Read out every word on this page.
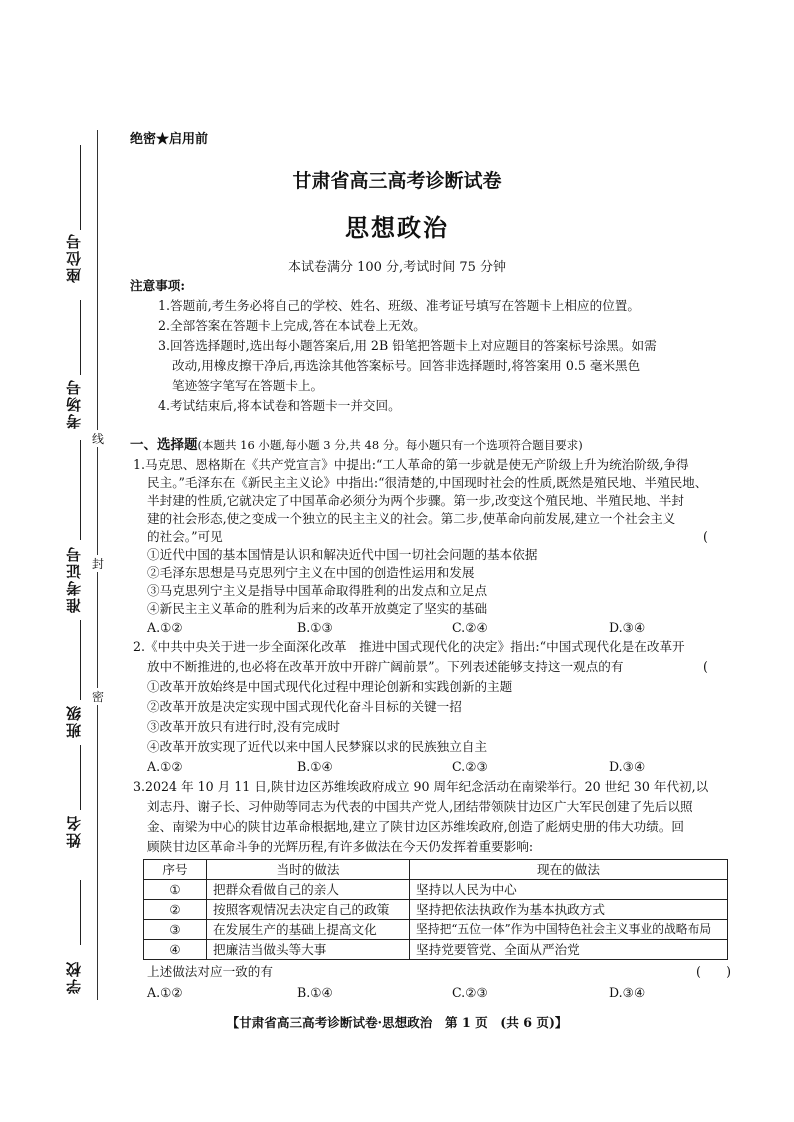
座位号
考场号
准考证号
班级
姓名
学校
线
封
密
绝密★启用前
甘肃省高三高考诊断试卷
思想政治
本试卷满分 100 分,考试时间 75 分钟
注意事项:
1.答题前,考生务必将自己的学校、姓名、班级、准考证号填写在答题卡上相应的位置。
2.全部答案在答题卡上完成,答在本试卷上无效。
3.回答选择题时,选出每小题答案后,用 2B 铅笔把答题卡上对应题目的答案标号涂黑。如需
改动,用橡皮擦干净后,再选涂其他答案标号。回答非选择题时,将答案用 0.5 毫米黑色
笔迹签字笔写在答题卡上。
4.考试结束后,将本试卷和答题卡一并交回。
一、选择题(本题共 16 小题,每小题 3 分,共 48 分。每小题只有一个选项符合题目要求)
1.马克思、恩格斯在《共产党宣言》中提出:“工人革命的第一步就是使无产阶级上升为统治阶级,争得
民主。”毛泽东在《新民主主义论》中指出:“很清楚的,中国现时社会的性质,既然是殖民地、半殖民地、
半封建的性质,它就决定了中国革命必须分为两个步骤。第一步,改变这个殖民地、半殖民地、半封
建的社会形态,使之变成一个独立的民主主义的社会。第二步,使革命向前发展,建立一个社会主义
的社会。”可见	(
①近代中国的基本国情是认识和解决近代中国一切社会问题的基本依据
②毛泽东思想是马克思列宁主义在中国的创造性运用和发展
③马克思列宁主义是指导中国革命取得胜利的出发点和立足点
④新民主主义革命的胜利为后来的改革开放奠定了坚实的基础
A.①②	B.①③	C.②④	D.③④
2.《中共中央关于进一步全面深化改革　推进中国式现代化的决定》指出:“中国式现代化是在改革开
放中不断推进的,也必将在改革开放中开辟广阔前景”。下列表述能够支持这一观点的有	(
①改革开放始终是中国式现代化过程中理论创新和实践创新的主题
②改革开放是决定实现中国式现代化奋斗目标的关键一招
③改革开放只有进行时,没有完成时
④改革开放实现了近代以来中国人民梦寐以求的民族独立自主
A.①②	B.①④	C.②③	D.③④
3.2024 年 10 月 11 日,陕甘边区苏维埃政府成立 90 周年纪念活动在南梁举行。20 世纪 30 年代初,以
刘志丹、谢子长、习仲勋等同志为代表的中国共产党人,团结带领陕甘边区广大军民创建了先后以照
金、南梁为中心的陕甘边革命根据地,建立了陕甘边区苏维埃政府,创造了彪炳史册的伟大功绩。回
顾陕甘边区革命斗争的光辉历程,有许多做法在今天仍发挥着重要影响:
序号	当时的做法	现在的做法
①	把群众看做自己的亲人	坚持以人民为中心
②	按照客观情况去决定自己的政策	坚持把依法执政作为基本执政方式
③	在发展生产的基础上提高文化	坚持把“五位一体”作为中国特色社会主义事业的战略布局
④	把廉洁当做头等大事	坚持党要管党、全面从严治党
上述做法对应一致的有	(　　)
A.①②	B.①④	C.②③	D.③④
【甘肃省高三高考诊断试卷·思想政治　第 1 页　(共 6 页)】
